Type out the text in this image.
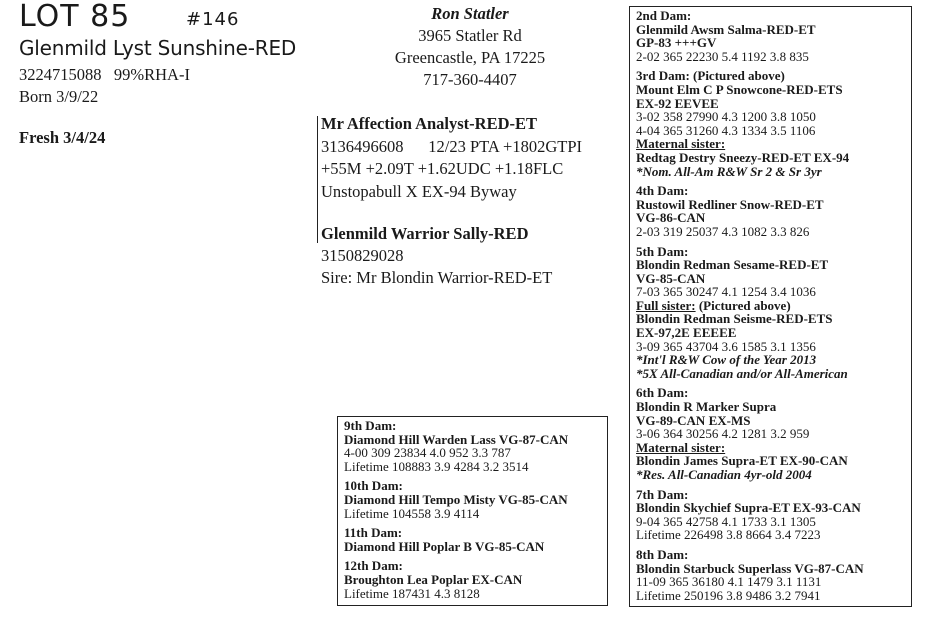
LOT 85	#146
Glenmild Lyst Sunshine-RED
3224715088   99%RHA-I
Born 3/9/22
Fresh 3/4/24
Ron Statler
3965 Statler Rd
Greencastle, PA 17225
717-360-4407
Mr Affection Analyst-RED-ET
3136496608      12/23 PTA +1802GTPI
+55M +2.09T +1.62UDC +1.18FLC
Unstopabull X EX-94 Byway
Glenmild Warrior Sally-RED
3150829028
Sire: Mr Blondin Warrior-RED-ET
2nd Dam:
Glenmild Awsm Salma-RED-ET
GP-83 +++GV
2-02 365 22230 5.4 1192 3.8 835
3rd Dam: (Pictured above)
Mount Elm C P Snowcone-RED-ETS
EX-92 EEVEE
3-02 358 27990 4.3 1200 3.8 1050
4-04 365 31260 4.3 1334 3.5 1106
Maternal sister:
Redtag Destry Sneezy-RED-ET EX-94
*Nom. All-Am R&W Sr 2 & Sr 3yr
4th Dam:
Rustowil Redliner Snow-RED-ET
VG-86-CAN
2-03 319 25037 4.3 1082 3.3 826
5th Dam:
Blondin Redman Sesame-RED-ET
VG-85-CAN
7-03 365 30247 4.1 1254 3.4 1036
Full sister: (Pictured above)
Blondin Redman Seisme-RED-ETS
EX-97,2E EEEEE
3-09 365 43704 3.6 1585 3.1 1356
*Int'l R&W Cow of the Year 2013
*5X All-Canadian and/or All-American
6th Dam:
Blondin R Marker Supra
VG-89-CAN EX-MS
3-06 364 30256 4.2 1281 3.2 959
Maternal sister:
Blondin James Supra-ET EX-90-CAN
*Res. All-Canadian 4yr-old 2004
7th Dam:
Blondin Skychief Supra-ET EX-93-CAN
9-04 365 42758 4.1 1733 3.1 1305
Lifetime 226498 3.8 8664 3.4 7223
8th Dam:
Blondin Starbuck Superlass VG-87-CAN
11-09 365 36180 4.1 1479 3.1 1131
Lifetime 250196 3.8 9486 3.2 7941
9th Dam:
Diamond Hill Warden Lass VG-87-CAN
4-00 309 23834 4.0 952 3.3 787
Lifetime 108883 3.9 4284 3.2 3514
10th Dam:
Diamond Hill Tempo Misty VG-85-CAN
Lifetime 104558 3.9 4114
11th Dam:
Diamond Hill Poplar B VG-85-CAN
12th Dam:
Broughton Lea Poplar EX-CAN
Lifetime 187431 4.3 8128
